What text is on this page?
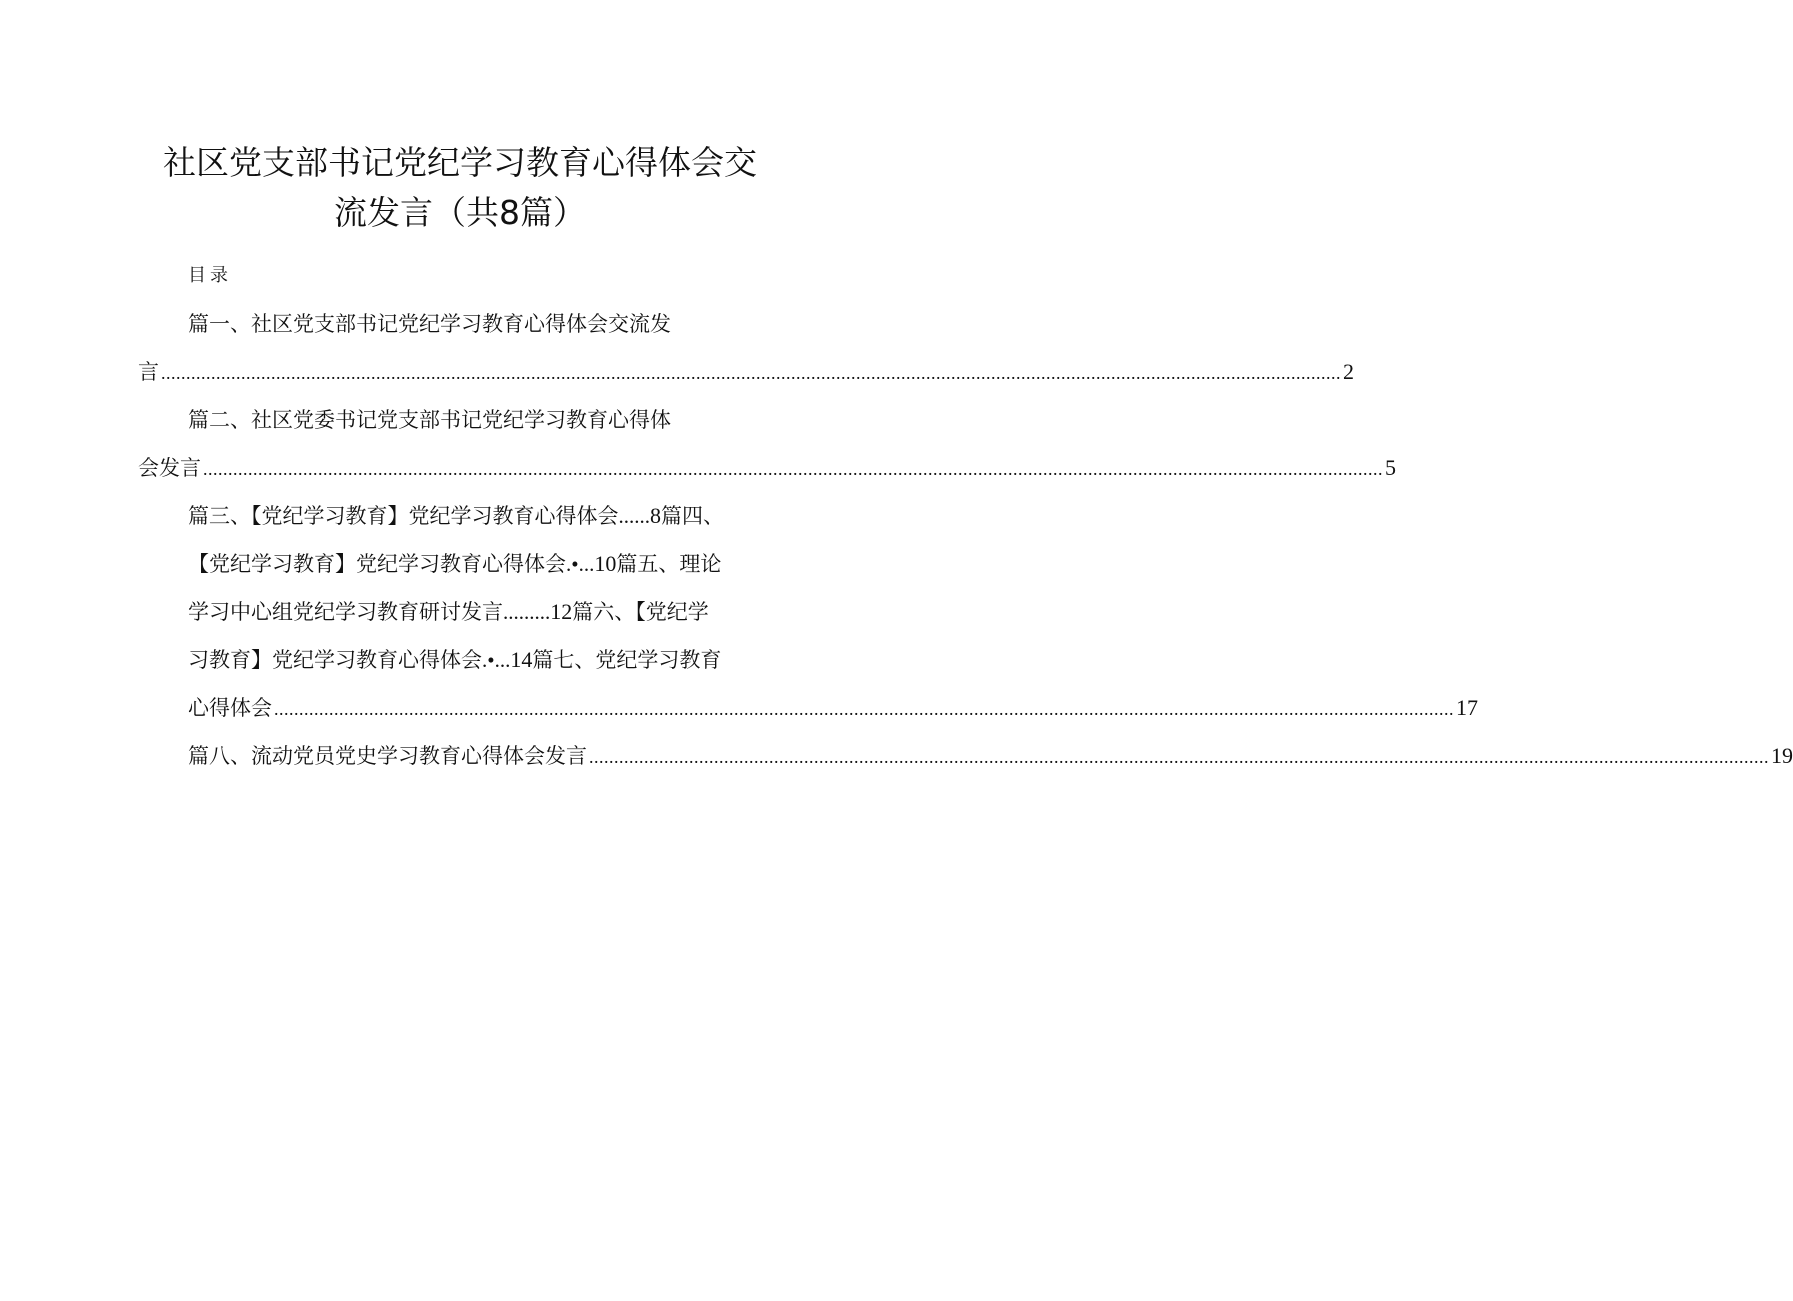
社区党支部书记党纪学习教育心得体会交
流发言（共8篇）
目录
篇一、社区党支部书记党纪学习教育心得体会交流发
言 ............................................................................................................................................................................................................................................ 2
篇二、社区党委书记党支部书记党纪学习教育心得体
会发言 ............................................................................................................................................................................................................................................ 5
篇三、【党纪学习教育】党纪学习教育心得体会......8篇四、
【党纪学习教育】党纪学习教育心得体会.•...10篇五、理论
学习中心组党纪学习教育研讨发言.........12篇六、【党纪学
习教育】党纪学习教育心得体会.•...14篇七、党纪学习教育
心得体会 ............................................................................................................................................................................................................................................ 17
篇八、流动党员党史学习教育心得体会发言 ............................................................................................................................................................................................................................................ 19
